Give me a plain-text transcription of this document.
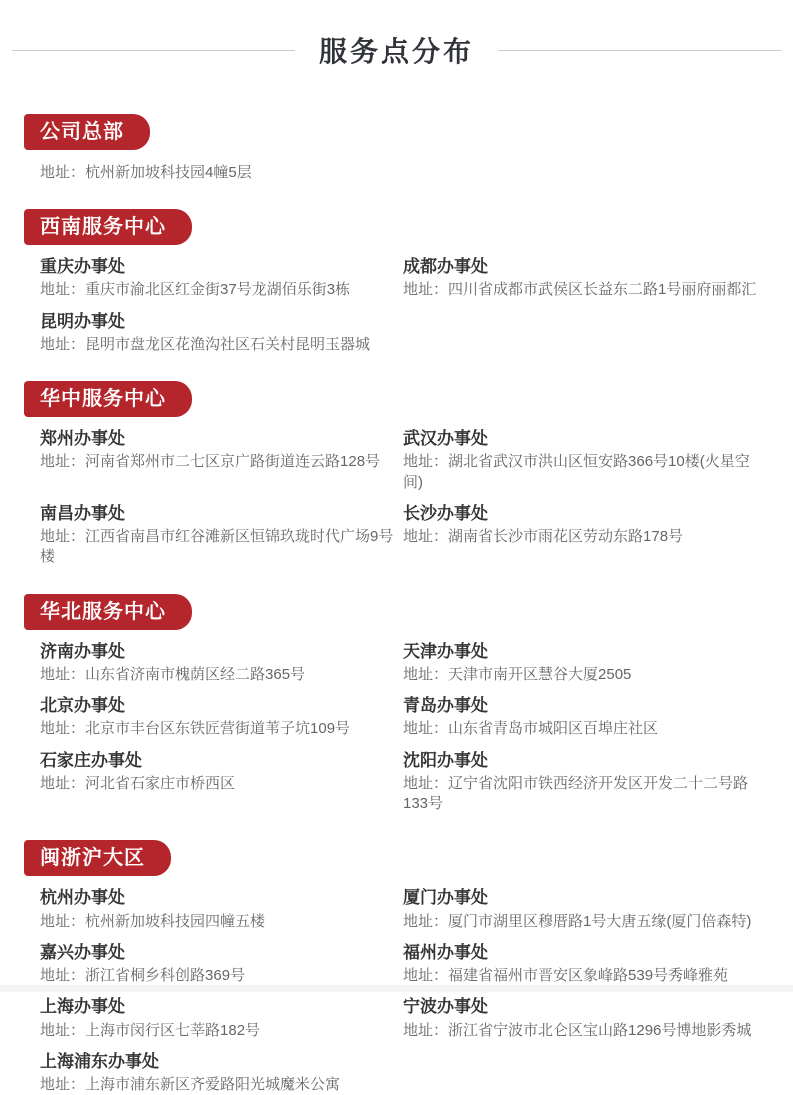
服务点分布
公司总部
地址：杭州新加坡科技园4幢5层
西南服务中心
重庆办事处
地址：重庆市渝北区红金街37号龙湖佰乐街3栋
成都办事处
地址：四川省成都市武侯区长益东二路1号丽府丽都汇
昆明办事处
地址：昆明市盘龙区花渔沟社区石关村昆明玉器城
华中服务中心
郑州办事处
地址：河南省郑州市二七区京广路街道连云路128号
武汉办事处
地址：湖北省武汉市洪山区恒安路366号10楼(火星空间)
南昌办事处
地址：江西省南昌市红谷滩新区恒锦玖珑时代广场9号楼
长沙办事处
地址：湖南省长沙市雨花区劳动东路178号
华北服务中心
济南办事处
地址：山东省济南市槐荫区经二路365号
天津办事处
地址：天津市南开区慧谷大厦2505
北京办事处
地址：北京市丰台区东铁匠营街道苇子坑109号
青岛办事处
地址：山东省青岛市城阳区百埠庄社区
石家庄办事处
地址：河北省石家庄市桥西区
沈阳办事处
地址：辽宁省沈阳市铁西经济开发区开发二十二号路133号
闽浙沪大区
杭州办事处
地址：杭州新加坡科技园四幢五楼
厦门办事处
地址：厦门市湖里区穆厝路1号大唐五缘(厦门倍森特)
嘉兴办事处
地址：浙江省桐乡科创路369号
福州办事处
地址：福建省福州市晋安区象峰路539号秀峰雅苑
上海办事处
地址：上海市闵行区七莘路182号
宁波办事处
地址：浙江省宁波市北仑区宝山路1296号博地影秀城
上海浦东办事处
地址：上海市浦东新区齐爱路阳光城魔米公寓
